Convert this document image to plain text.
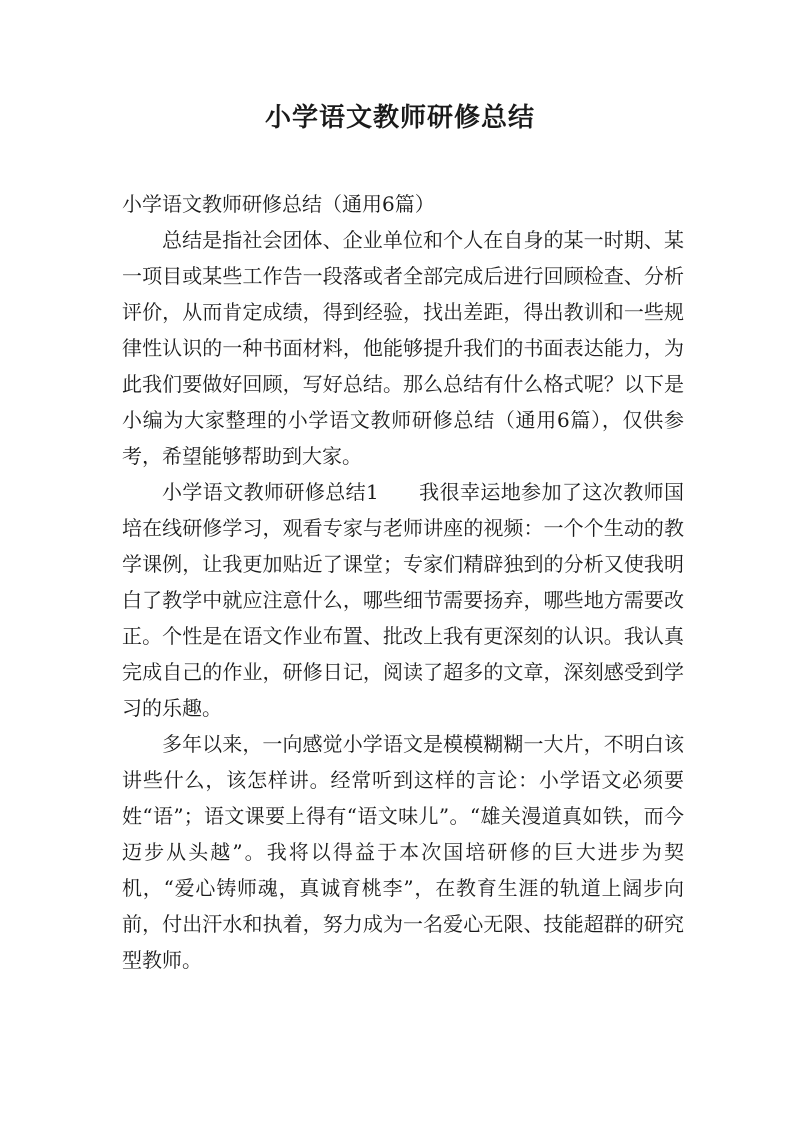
小学语文教师研修总结

小学语文教师研修总结（通用6篇）

总结是指社会团体、企业单位和个人在自身的某一时期、某一项目或某些工作告一段落或者全部完成后进行回顾检查、分析评价，从而肯定成绩，得到经验，找出差距，得出教训和一些规律性认识的一种书面材料，他能够提升我们的书面表达能力，为此我们要做好回顾，写好总结。那么总结有什么格式呢？以下是小编为大家整理的小学语文教师研修总结（通用6篇），仅供参考，希望能够帮助到大家。

小学语文教师研修总结1 我很幸运地参加了这次教师国培在线研修学习，观看专家与老师讲座的视频：一个个生动的教学课例，让我更加贴近了课堂；专家们精辟独到的分析又使我明白了教学中就应注意什么，哪些细节需要扬弃，哪些地方需要改正。个性是在语文作业布置、批改上我有更深刻的认识。我认真完成自己的作业，研修日记，阅读了超多的文章，深刻感受到学习的乐趣。

多年以来，一向感觉小学语文是模模糊糊一大片，不明白该讲些什么，该怎样讲。经常听到这样的言论：小学语文必须要姓“语”；语文课要上得有“语文味儿”。“雄关漫道真如铁，而今迈步从头越”。我将以得益于本次国培研修的巨大进步为契机，“爱心铸师魂，真诚育桃李”，在教育生涯的轨道上阔步向前，付出汗水和执着，努力成为一名爱心无限、技能超群的研究型教师。
